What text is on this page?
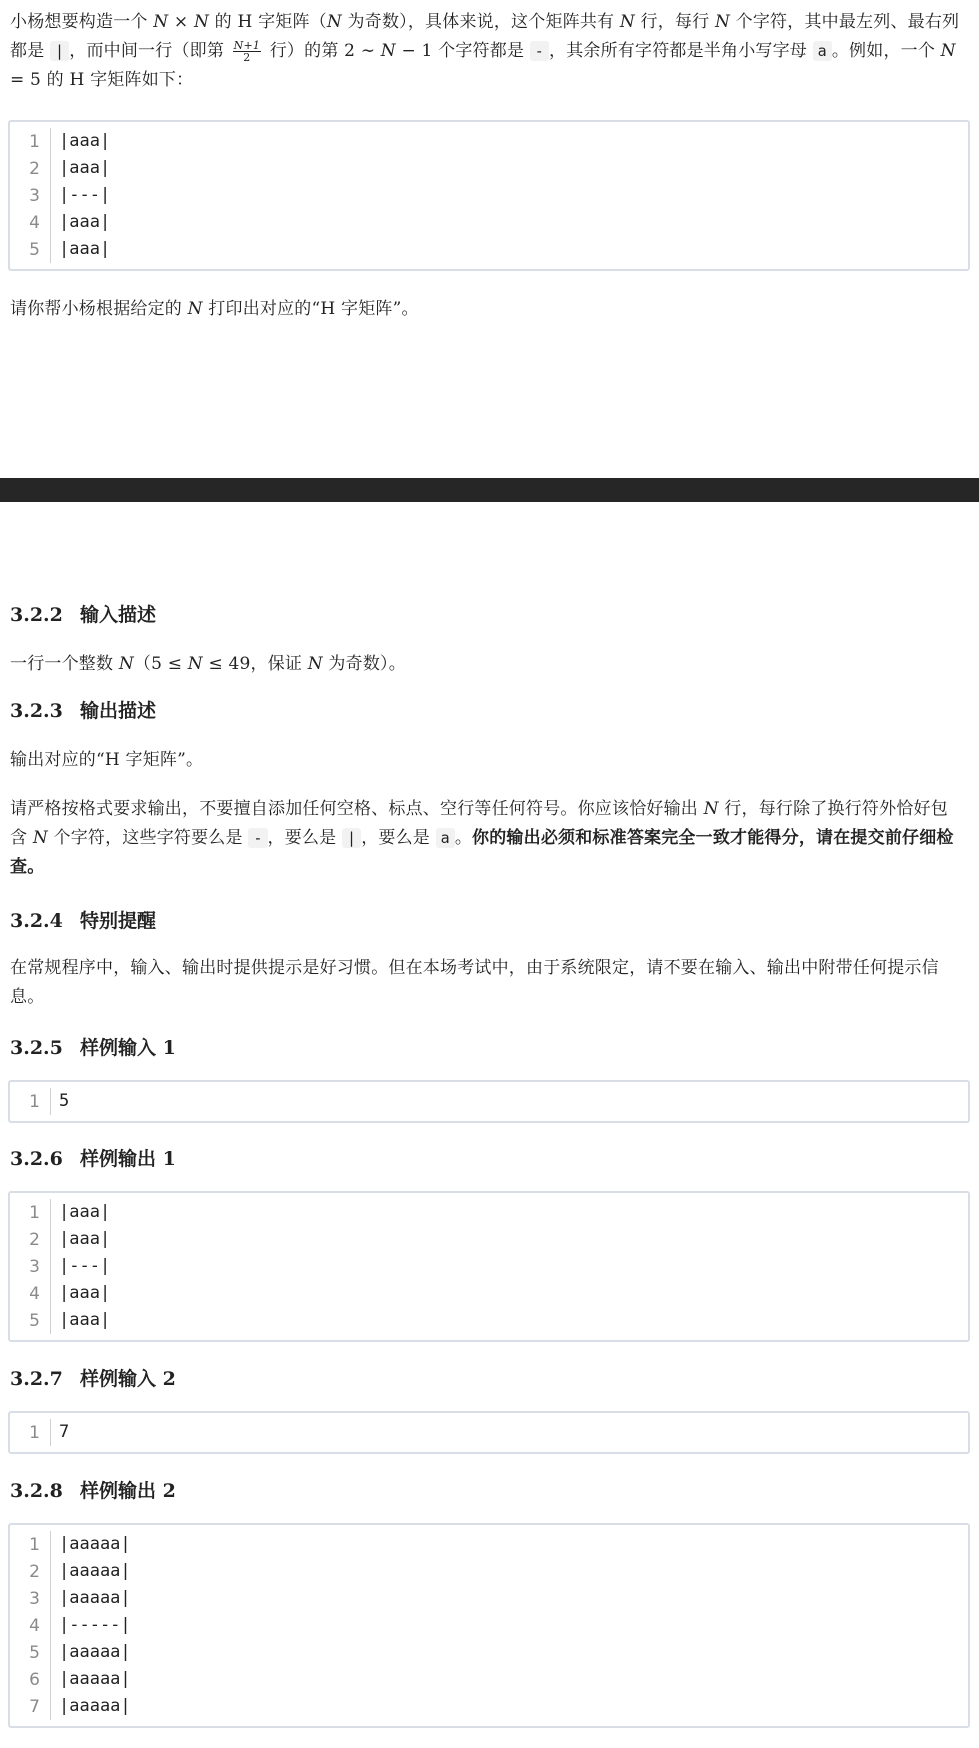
小杨想要构造一个 N × N 的 H 字矩阵（N 为奇数），具体来说，这个矩阵共有 N 行，每行 N 个字符，其中最左列、最右列都是 | ，而中间一行（即第 $\frac{N+1}{2}$ 行）的第 2 ∼ N − 1 个字符都是 - ，其余所有字符都是半角小写字母 a 。例如，一个 N = 5 的 H 字矩阵如下：

1	|aaa|
2	|aaa|
3	|---|
4	|aaa|
5	|aaa|

请你帮小杨根据给定的 N 打印出对应的“H 字矩阵”。

3.2.2 输入描述

一行一个整数 N（5 ≤ N ≤ 49，保证 N 为奇数）。

3.2.3 输出描述

输出对应的“H 字矩阵”。

请严格按格式要求输出，不要擅自添加任何空格、标点、空行等任何符号。你应该恰好输出 N 行，每行除了换行符外恰好包含 N 个字符，这些字符要么是 - ，要么是 | ，要么是 a 。你的输出必须和标准答案完全一致才能得分，请在提交前仔细检查。

3.2.4 特别提醒

在常规程序中，输入、输出时提供提示是好习惯。但在本场考试中，由于系统限定，请不要在输入、输出中附带任何提示信息。

3.2.5 样例输入 1
1	5
3.2.6 样例输出 1
1	|aaa|
2	|aaa|
3	|---|
4	|aaa|
5	|aaa|
3.2.7 样例输入 2
1	7
3.2.8 样例输出 2
1	|aaaaa|
2	|aaaaa|
3	|aaaaa|
4	|-----|
5	|aaaaa|
6	|aaaaa|
7	|aaaaa|
